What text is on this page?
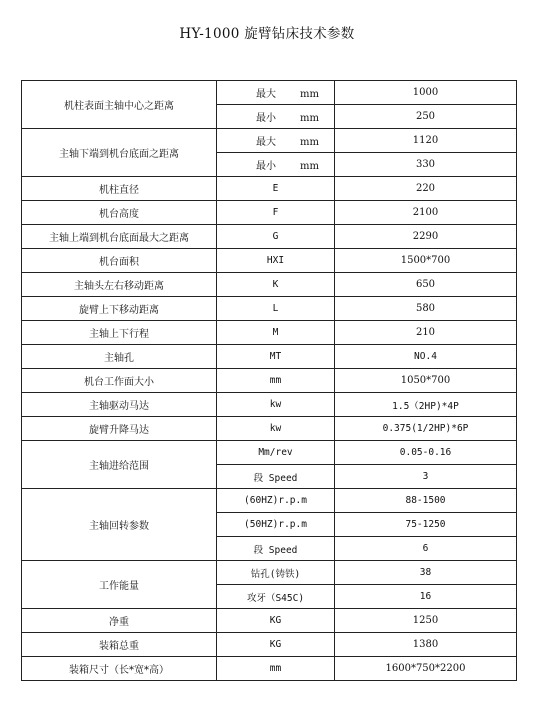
HY-1000 旋臂钻床技术参数
机柱表面主轴中心之距离	最大 mm	1000
	最小 mm	250
主轴下端到机台底面之距离	最大 mm	1120
	最小 mm	330
机柱直径	E	220
机台高度	F	2100
主轴上端到机台底面最大之距离	G	2290
机台面积	HXI	1500*700
主轴头左右移动距离	K	650
旋臂上下移动距离	L	580
主轴上下行程	M	210
主轴孔	MT	NO.4
机台工作面大小	mm	1050*700
主轴驱动马达	kw	1.5（2HP)*4P
旋臂升降马达	kw	0.375(1/2HP)*6P
主轴进给范围	Mm/rev	0.05-0.16
	段 Speed	3
主轴回转参数	(60HZ)r.p.m	88-1500
	(50HZ)r.p.m	75-1250
	段 Speed	6
工作能量	钻孔(铸铁)	38
	攻牙（S45C)	16
净重	KG	1250
装箱总重	KG	1380
装箱尺寸（长*宽*高）	mm	1600*750*2200
